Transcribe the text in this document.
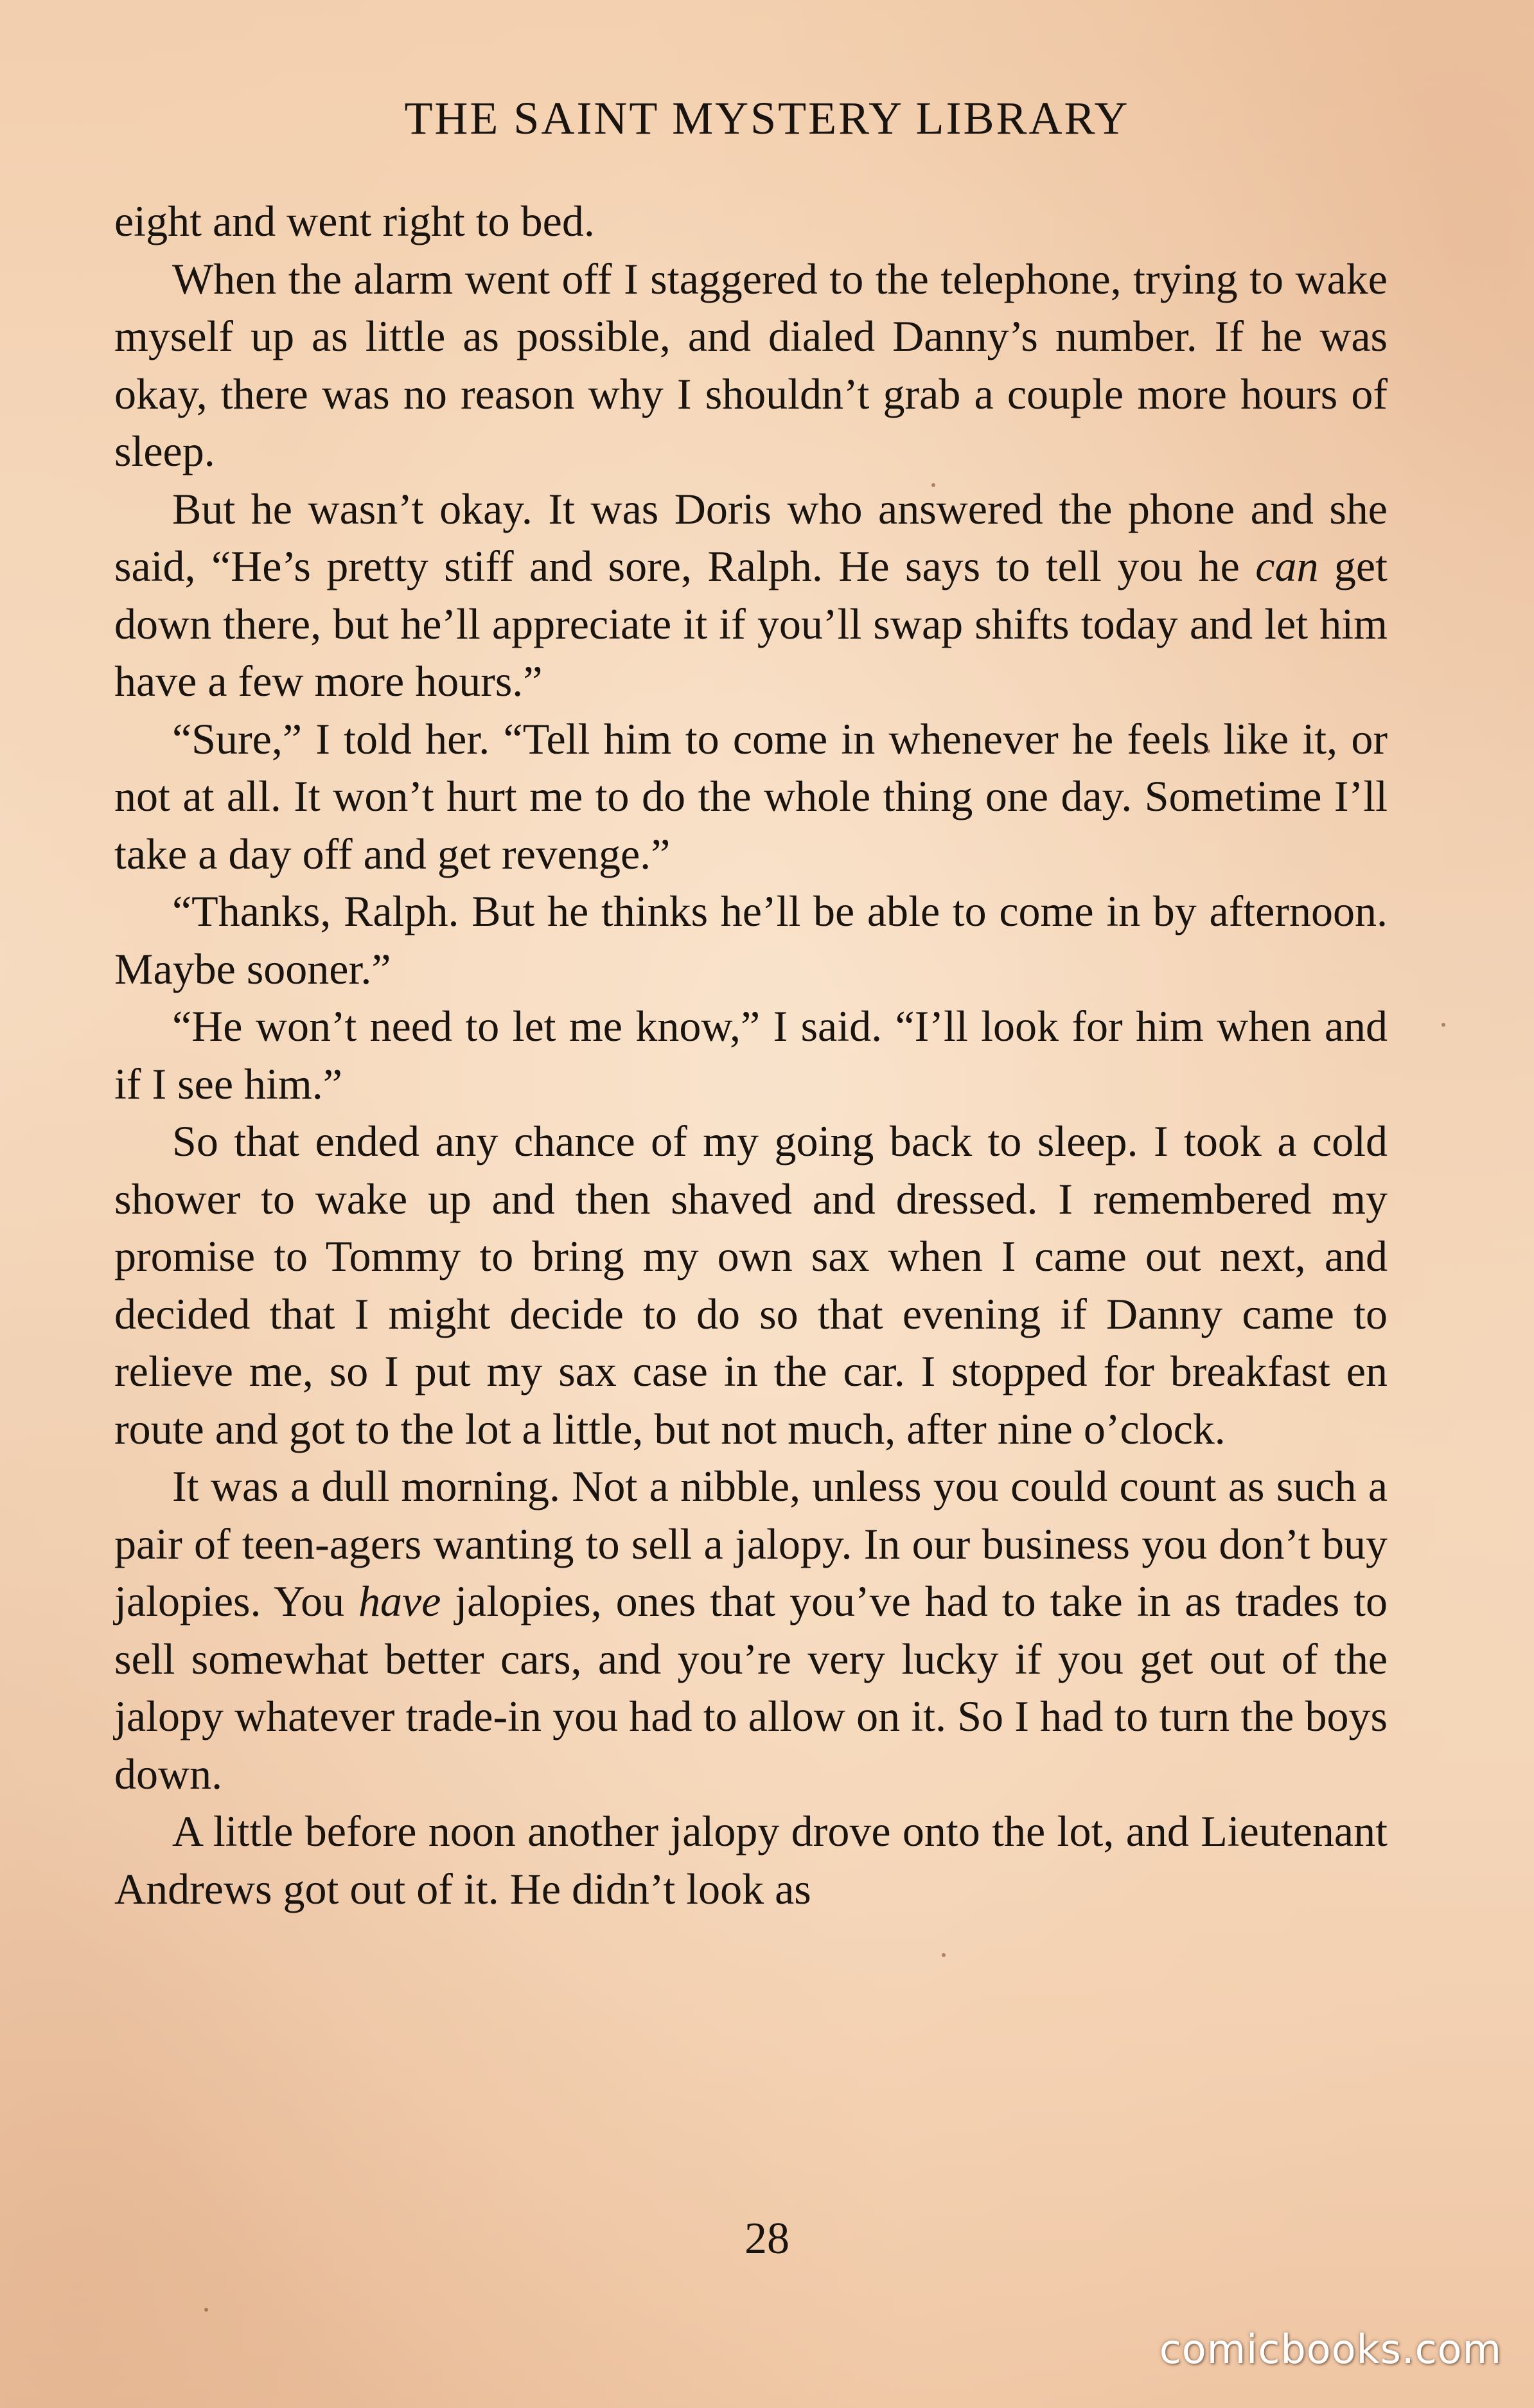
THE SAINT MYSTERY LIBRARY

eight and went right to bed.

When the alarm went off I staggered to the telephone, trying to wake myself up as little as possible, and dialed Danny’s number. If he was okay, there was no reason why I shouldn’t grab a couple more hours of sleep.

But he wasn’t okay. It was Doris who answered the phone and she said, “He’s pretty stiff and sore, Ralph. He says to tell you he can get down there, but he’ll appreciate it if you’ll swap shifts today and let him have a few more hours.”

“Sure,” I told her. “Tell him to come in whenever he feels like it, or not at all. It won’t hurt me to do the whole thing one day. Sometime I’ll take a day off and get revenge.”

“Thanks, Ralph. But he thinks he’ll be able to come in by afternoon. Maybe sooner.”

“He won’t need to let me know,” I said. “I’ll look for him when and if I see him.”

So that ended any chance of my going back to sleep. I took a cold shower to wake up and then shaved and dressed. I remembered my promise to Tommy to bring my own sax when I came out next, and decided that I might decide to do so that evening if Danny came to relieve me, so I put my sax case in the car. I stopped for breakfast en route and got to the lot a little, but not much, after nine o’clock.

It was a dull morning. Not a nibble, unless you could count as such a pair of teen-agers wanting to sell a jalopy. In our business you don’t buy jalopies. You have jalopies, ones that you’ve had to take in as trades to sell somewhat better cars, and you’re very lucky if you get out of the jalopy whatever trade-in you had to allow on it. So I had to turn the boys down.

A little before noon another jalopy drove onto the lot, and Lieutenant Andrews got out of it. He didn’t look as

28
comicbooks.com
